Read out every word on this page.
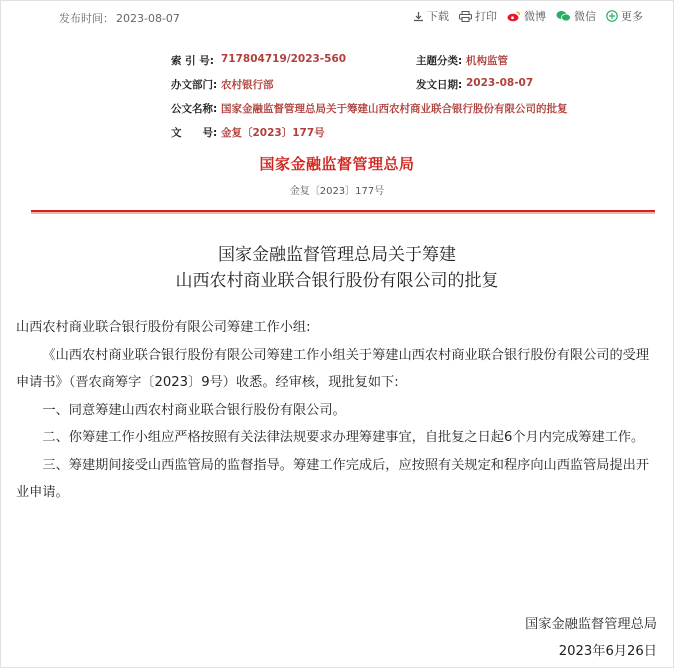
发布时间： 2023-08-07	下载 打印 微博	微信 更多
索 引 号: 717804719/2023-560	主题分类: 机构监管
办文部门: 农村银行部	发文日期: 2023-08-07
公文名称: 国家金融监督管理总局关于筹建山西农村商业联合银行股份有限公司的批复
文　　号: 金复〔2023〕177号
国家金融监督管理总局
金复〔2023〕177号
国家金融监督管理总局关于筹建
山西农村商业联合银行股份有限公司的批复

山西农村商业联合银行股份有限公司筹建工作小组:

《山西农村商业联合银行股份有限公司筹建工作小组关于筹建山西农村商业联合银行股份有限公司的受理申请书》（晋农商筹字〔2023〕9号）收悉。经审核，现批复如下:

一、同意筹建山西农村商业联合银行股份有限公司。

二、你筹建工作小组应严格按照有关法律法规要求办理筹建事宜，自批复之日起6个月内完成筹建工作。

三、筹建期间接受山西监管局的监督指导。筹建工作完成后，应按照有关规定和程序向山西监管局提出开业申请。

国家金融监督管理总局
2023年6月26日
